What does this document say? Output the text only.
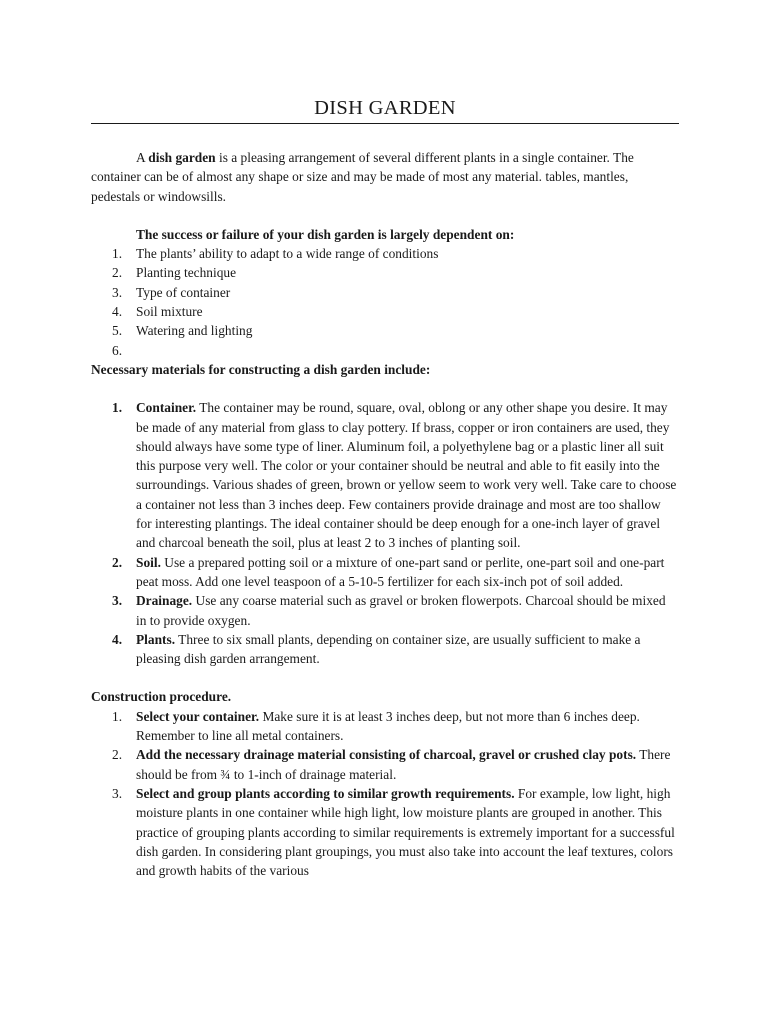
DISH GARDEN

A dish garden is a pleasing arrangement of several different plants in a single container. The container can be of almost any shape or size and may be made of most any material. tables, mantles, pedestals or windowsills.

The success or failure of your dish garden is largely dependent on:

1. The plants’ ability to adapt to a wide range of conditions
2. Planting technique
3. Type of container
4. Soil mixture
5. Watering and lighting
6.

Necessary materials for constructing a dish garden include:

1. Container. The container may be round, square, oval, oblong or any other shape you desire. It may be made of any material from glass to clay pottery. If brass, copper or iron containers are used, they should always have some type of liner. Aluminum foil, a polyethylene bag or a plastic liner all suit this purpose very well. The color or your container should be neutral and able to fit easily into the surroundings. Various shades of green, brown or yellow seem to work very well. Take care to choose a container not less than 3 inches deep. Few containers provide drainage and most are too shallow for interesting plantings. The ideal container should be deep enough for a one-inch layer of gravel and charcoal beneath the soil, plus at least 2 to 3 inches of planting soil.
2. Soil. Use a prepared potting soil or a mixture of one-part sand or perlite, one-part soil and one-part peat moss. Add one level teaspoon of a 5-10-5 fertilizer for each six-inch pot of soil added.
3. Drainage. Use any coarse material such as gravel or broken flowerpots. Charcoal should be mixed in to provide oxygen.
4. Plants. Three to six small plants, depending on container size, are usually sufficient to make a pleasing dish garden arrangement.

Construction procedure.

1. Select your container. Make sure it is at least 3 inches deep, but not more than 6 inches deep. Remember to line all metal containers.
2. Add the necessary drainage material consisting of charcoal, gravel or crushed clay pots. There should be from ¾ to 1-inch of drainage material.
3. Select and group plants according to similar growth requirements. For example, low light, high moisture plants in one container while high light, low moisture plants are grouped in another. This practice of grouping plants according to similar requirements is extremely important for a successful dish garden. In considering plant groupings, you must also take into account the leaf textures, colors and growth habits of the various
